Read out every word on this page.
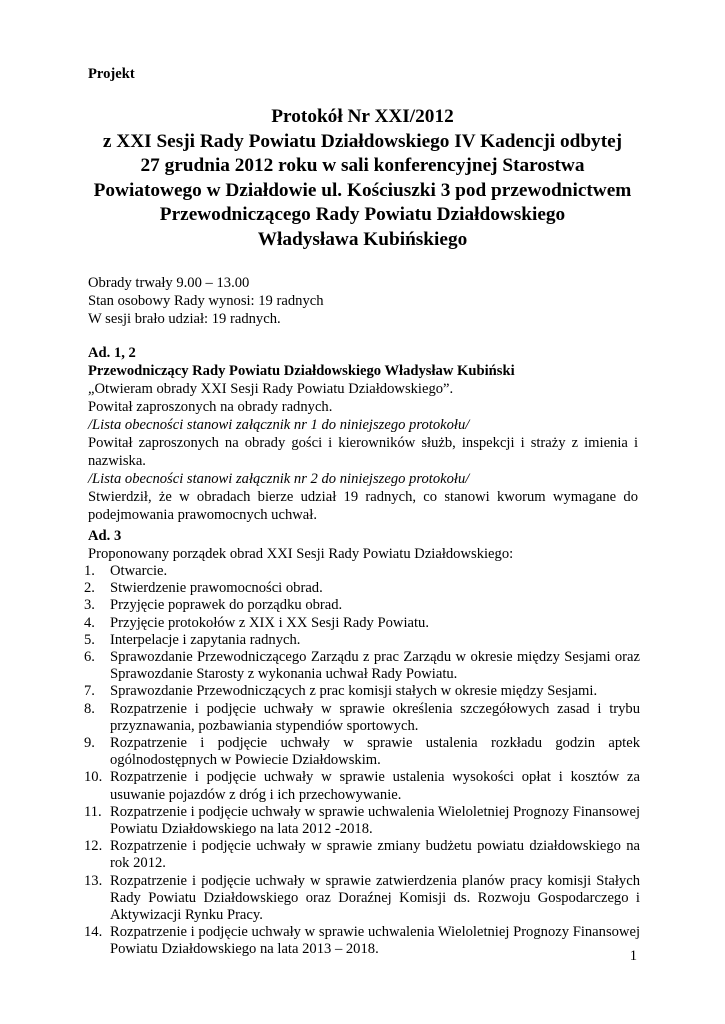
Projekt
Protokół Nr XXI/2012
z XXI Sesji Rady Powiatu Działdowskiego IV Kadencji odbytej
27 grudnia 2012 roku w sali konferencyjnej Starostwa
Powiatowego w Działdowie ul. Kościuszki 3 pod przewodnictwem
Przewodniczącego Rady Powiatu Działdowskiego
Władysława Kubińskiego

Obrady trwały 9.00 – 13.00

Stan osobowy Rady wynosi: 19 radnych

W sesji brało udział: 19 radnych.

Ad. 1, 2

Przewodniczący Rady Powiatu Działdowskiego Władysław Kubiński

„Otwieram obrady XXI Sesji Rady Powiatu Działdowskiego”.

Powitał zaproszonych na obrady radnych.

/Lista obecności stanowi załącznik nr 1 do niniejszego protokołu/

Powitał zaproszonych na obrady gości i kierowników służb, inspekcji i straży z imienia i nazwiska.

/Lista obecności stanowi załącznik nr 2 do niniejszego protokołu/

Stwierdził, że w obradach bierze udział 19 radnych, co stanowi kworum wymagane do podejmowania prawomocnych uchwał.

Ad. 3

Proponowany porządek obrad XXI Sesji Rady Powiatu Działdowskiego:

1.	Otwarcie.
2.	Stwierdzenie prawomocności obrad.
3.	Przyjęcie poprawek do porządku obrad.
4.	Przyjęcie protokołów z XIX i XX Sesji Rady Powiatu.
5.	Interpelacje i zapytania radnych.
6.	Sprawozdanie Przewodniczącego Zarządu z prac Zarządu w okresie między Sesjami oraz Sprawozdanie Starosty z wykonania uchwał Rady Powiatu.
7.	Sprawozdanie Przewodniczących z prac komisji stałych w okresie między Sesjami.
8.	Rozpatrzenie i podjęcie uchwały w sprawie określenia szczegółowych zasad i trybu przyznawania, pozbawiania stypendiów sportowych.
9.	Rozpatrzenie i podjęcie uchwały w sprawie ustalenia rozkładu godzin aptek ogólnodostępnych w Powiecie Działdowskim.
10. Rozpatrzenie i podjęcie uchwały w sprawie ustalenia wysokości opłat i kosztów za usuwanie pojazdów z dróg i ich przechowywanie.
11. Rozpatrzenie i podjęcie uchwały w sprawie uchwalenia Wieloletniej Prognozy Finansowej Powiatu Działdowskiego na lata 2012 -2018.
12. Rozpatrzenie i podjęcie uchwały w sprawie zmiany budżetu powiatu działdowskiego na rok 2012.
13. Rozpatrzenie i podjęcie uchwały w sprawie zatwierdzenia planów pracy komisji Stałych Rady Powiatu Działdowskiego oraz Doraźnej Komisji ds. Rozwoju Gospodarczego i Aktywizacji Rynku Pracy.
14. Rozpatrzenie i podjęcie uchwały w sprawie uchwalenia Wieloletniej Prognozy Finansowej Powiatu Działdowskiego na lata 2013 – 2018.	1
